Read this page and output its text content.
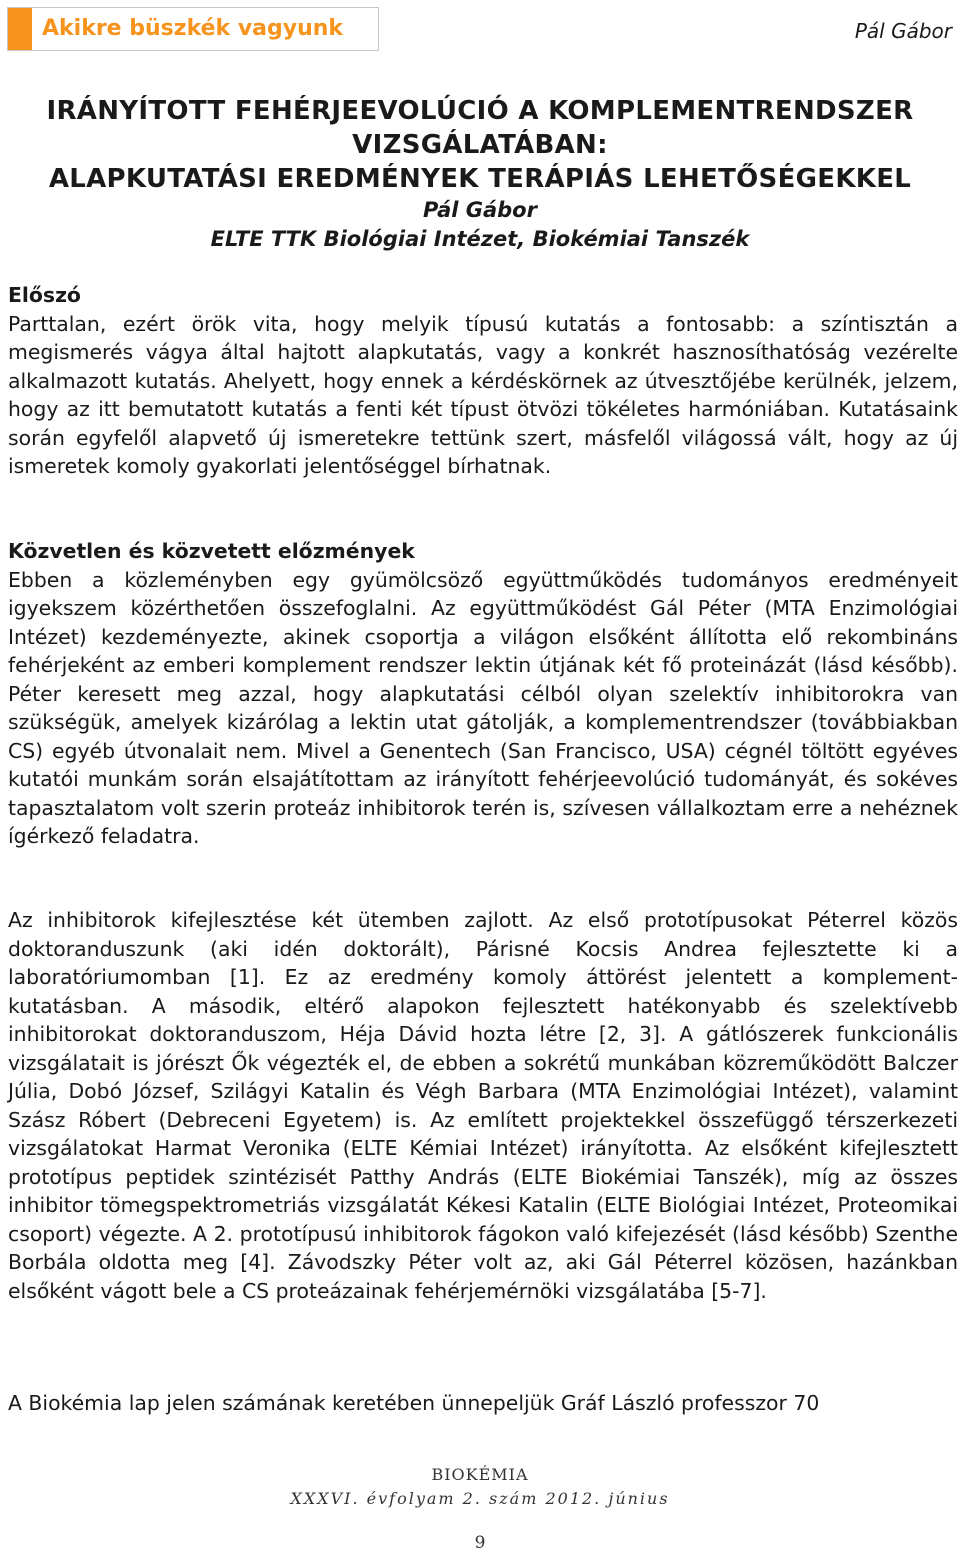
Akikre büszkék vagyunk	Pál Gábor
IRÁNYÍTOTT FEHÉRJEEVOLÚCIÓ A KOMPLEMENTRENDSZER
VIZSGÁLATÁBAN:
ALAPKUTATÁSI EREDMÉNYEK TERÁPIÁS LEHETŐSÉGEKKEL
Pál Gábor
ELTE TTK Biológiai Intézet, Biokémiai Tanszék

Előszó

Parttalan, ezért örök vita, hogy melyik típusú kutatás a fontosabb: a színtisztán a megismerés vágya által hajtott alapkutatás, vagy a konkrét hasznosíthatóság vezérelte alkalmazott kutatás. Ahelyett, hogy ennek a kérdéskörnek az útvesztőjébe kerülnék, jelzem, hogy az itt bemutatott kutatás a fenti két típust ötvözi tökéletes harmóniában. Kutatásaink során egyfelől alapvető új ismeretekre tettünk szert, másfelől világossá vált, hogy az új ismeretek komoly gyakorlati jelentőséggel bírhatnak.

Közvetlen és közvetett előzmények

Ebben a közleményben egy gyümölcsöző együttműködés tudományos eredményeit igyekszem közérthetően összefoglalni. Az együttműködést Gál Péter (MTA Enzimológiai Intézet) kezdeményezte, akinek csoportja a világon elsőként állította elő rekombináns fehérjeként az emberi komplement rendszer lektin útjának két fő proteinázát (lásd később). Péter keresett meg azzal, hogy alapkutatási célból olyan szelektív inhibitorokra van szükségük, amelyek kizárólag a lektin utat gátolják, a komplementrendszer (továbbiakban CS) egyéb útvonalait nem. Mivel a Genentech (San Francisco, USA) cégnél töltött egyéves kutatói munkám során elsajátítottam az irányított fehérjeevolúció tudományát, és sokéves tapasztalatom volt szerin proteáz inhibitorok terén is, szívesen vállalkoztam erre a nehéznek ígérkező feladatra.

Az inhibitorok kifejlesztése két ütemben zajlott. Az első prototípusokat Péterrel közös doktoranduszunk (aki idén doktorált), Párisné Kocsis Andrea fejlesztette ki a laboratóriumomban [1]. Ez az eredmény komoly áttörést jelentett a komplement-kutatásban. A második, eltérő alapokon fejlesztett hatékonyabb és szelektívebb inhibitorokat doktoranduszom, Héja Dávid hozta létre [2, 3]. A gátlószerek funkcionális vizsgálatait is jórészt Ők végezték el, de ebben a sokrétű munkában közreműködött Balczer Júlia, Dobó József, Szilágyi Katalin és Végh Barbara (MTA Enzimológiai Intézet), valamint Szász Róbert (Debreceni Egyetem) is. Az említett projektekkel összefüggő térszerkezeti vizsgálatokat Harmat Veronika (ELTE Kémiai Intézet) irányította. Az elsőként kifejlesztett prototípus peptidek szintézisét Patthy András (ELTE Biokémiai Tanszék), míg az összes inhibitor tömegspektrometriás vizsgálatát Kékesi Katalin (ELTE Biológiai Intézet, Proteomikai csoport) végezte. A 2. prototípusú inhibitorok fágokon való kifejezését (lásd később) Szenthe Borbála oldotta meg [4]. Závodszky Péter volt az, aki Gál Péterrel közösen, hazánkban elsőként vágott bele a CS proteázainak fehérjemérnöki vizsgálatába [5-7].

A Biokémia lap jelen számának keretében ünnepeljük Gráf László professzor 70

BIOKÉMIA
XXXVI. évfolyam 2. szám 2012. június
9
